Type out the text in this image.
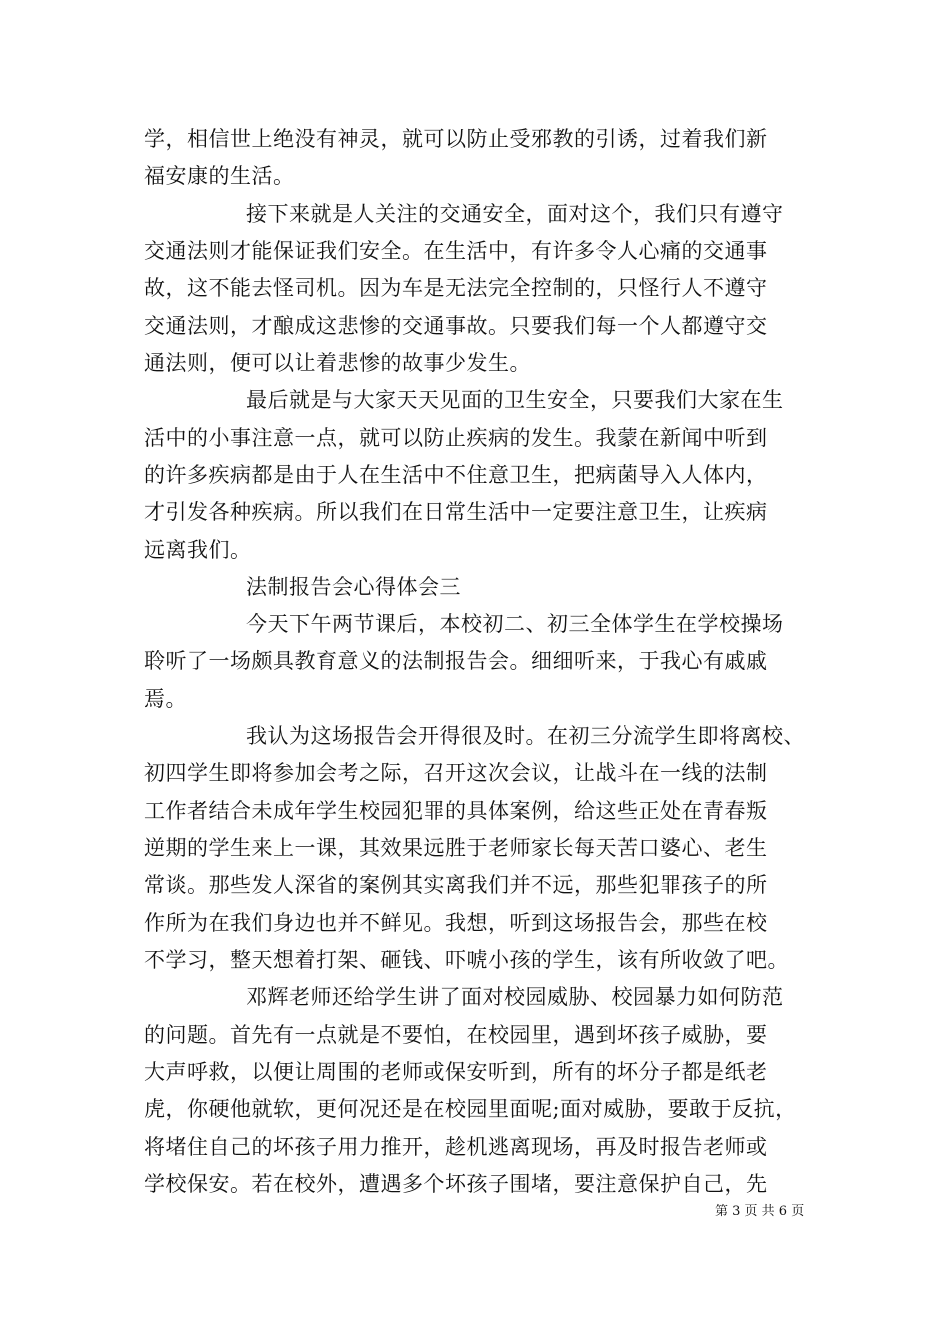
学，相信世上绝没有神灵，就可以防止受邪教的引诱，过着我们新
福安康的生活。
接下来就是人关注的交通安全，面对这个，我们只有遵守
交通法则才能保证我们安全。在生活中，有许多令人心痛的交通事
故，这不能去怪司机。因为车是无法完全控制的，只怪行人不遵守
交通法则，才酿成这悲惨的交通事故。只要我们每一个人都遵守交
通法则，便可以让着悲惨的故事少发生。
最后就是与大家天天见面的卫生安全，只要我们大家在生
活中的小事注意一点，就可以防止疾病的发生。我蒙在新闻中听到
的许多疾病都是由于人在生活中不住意卫生，把病菌导入人体内，
才引发各种疾病。所以我们在日常生活中一定要注意卫生，让疾病
远离我们。
法制报告会心得体会三
今天下午两节课后，本校初二、初三全体学生在学校操场
聆听了一场颇具教育意义的法制报告会。细细听来，于我心有戚戚
焉。
我认为这场报告会开得很及时。在初三分流学生即将离校、
初四学生即将参加会考之际，召开这次会议，让战斗在一线的法制
工作者结合未成年学生校园犯罪的具体案例，给这些正处在青春叛
逆期的学生来上一课，其效果远胜于老师家长每天苦口婆心、老生
常谈。那些发人深省的案例其实离我们并不远，那些犯罪孩子的所
作所为在我们身边也并不鲜见。我想，听到这场报告会，那些在校
不学习，整天想着打架、砸钱、吓唬小孩的学生，该有所收敛了吧。
邓辉老师还给学生讲了面对校园威胁、校园暴力如何防范
的问题。首先有一点就是不要怕，在校园里，遇到坏孩子威胁，要
大声呼救，以便让周围的老师或保安听到，所有的坏分子都是纸老
虎，你硬他就软，更何况还是在校园里面呢;面对威胁，要敢于反抗，
将堵住自己的坏孩子用力推开，趁机逃离现场，再及时报告老师或
学校保安。若在校外，遭遇多个坏孩子围堵，要注意保护自己，先
第 3 页 共 6 页
